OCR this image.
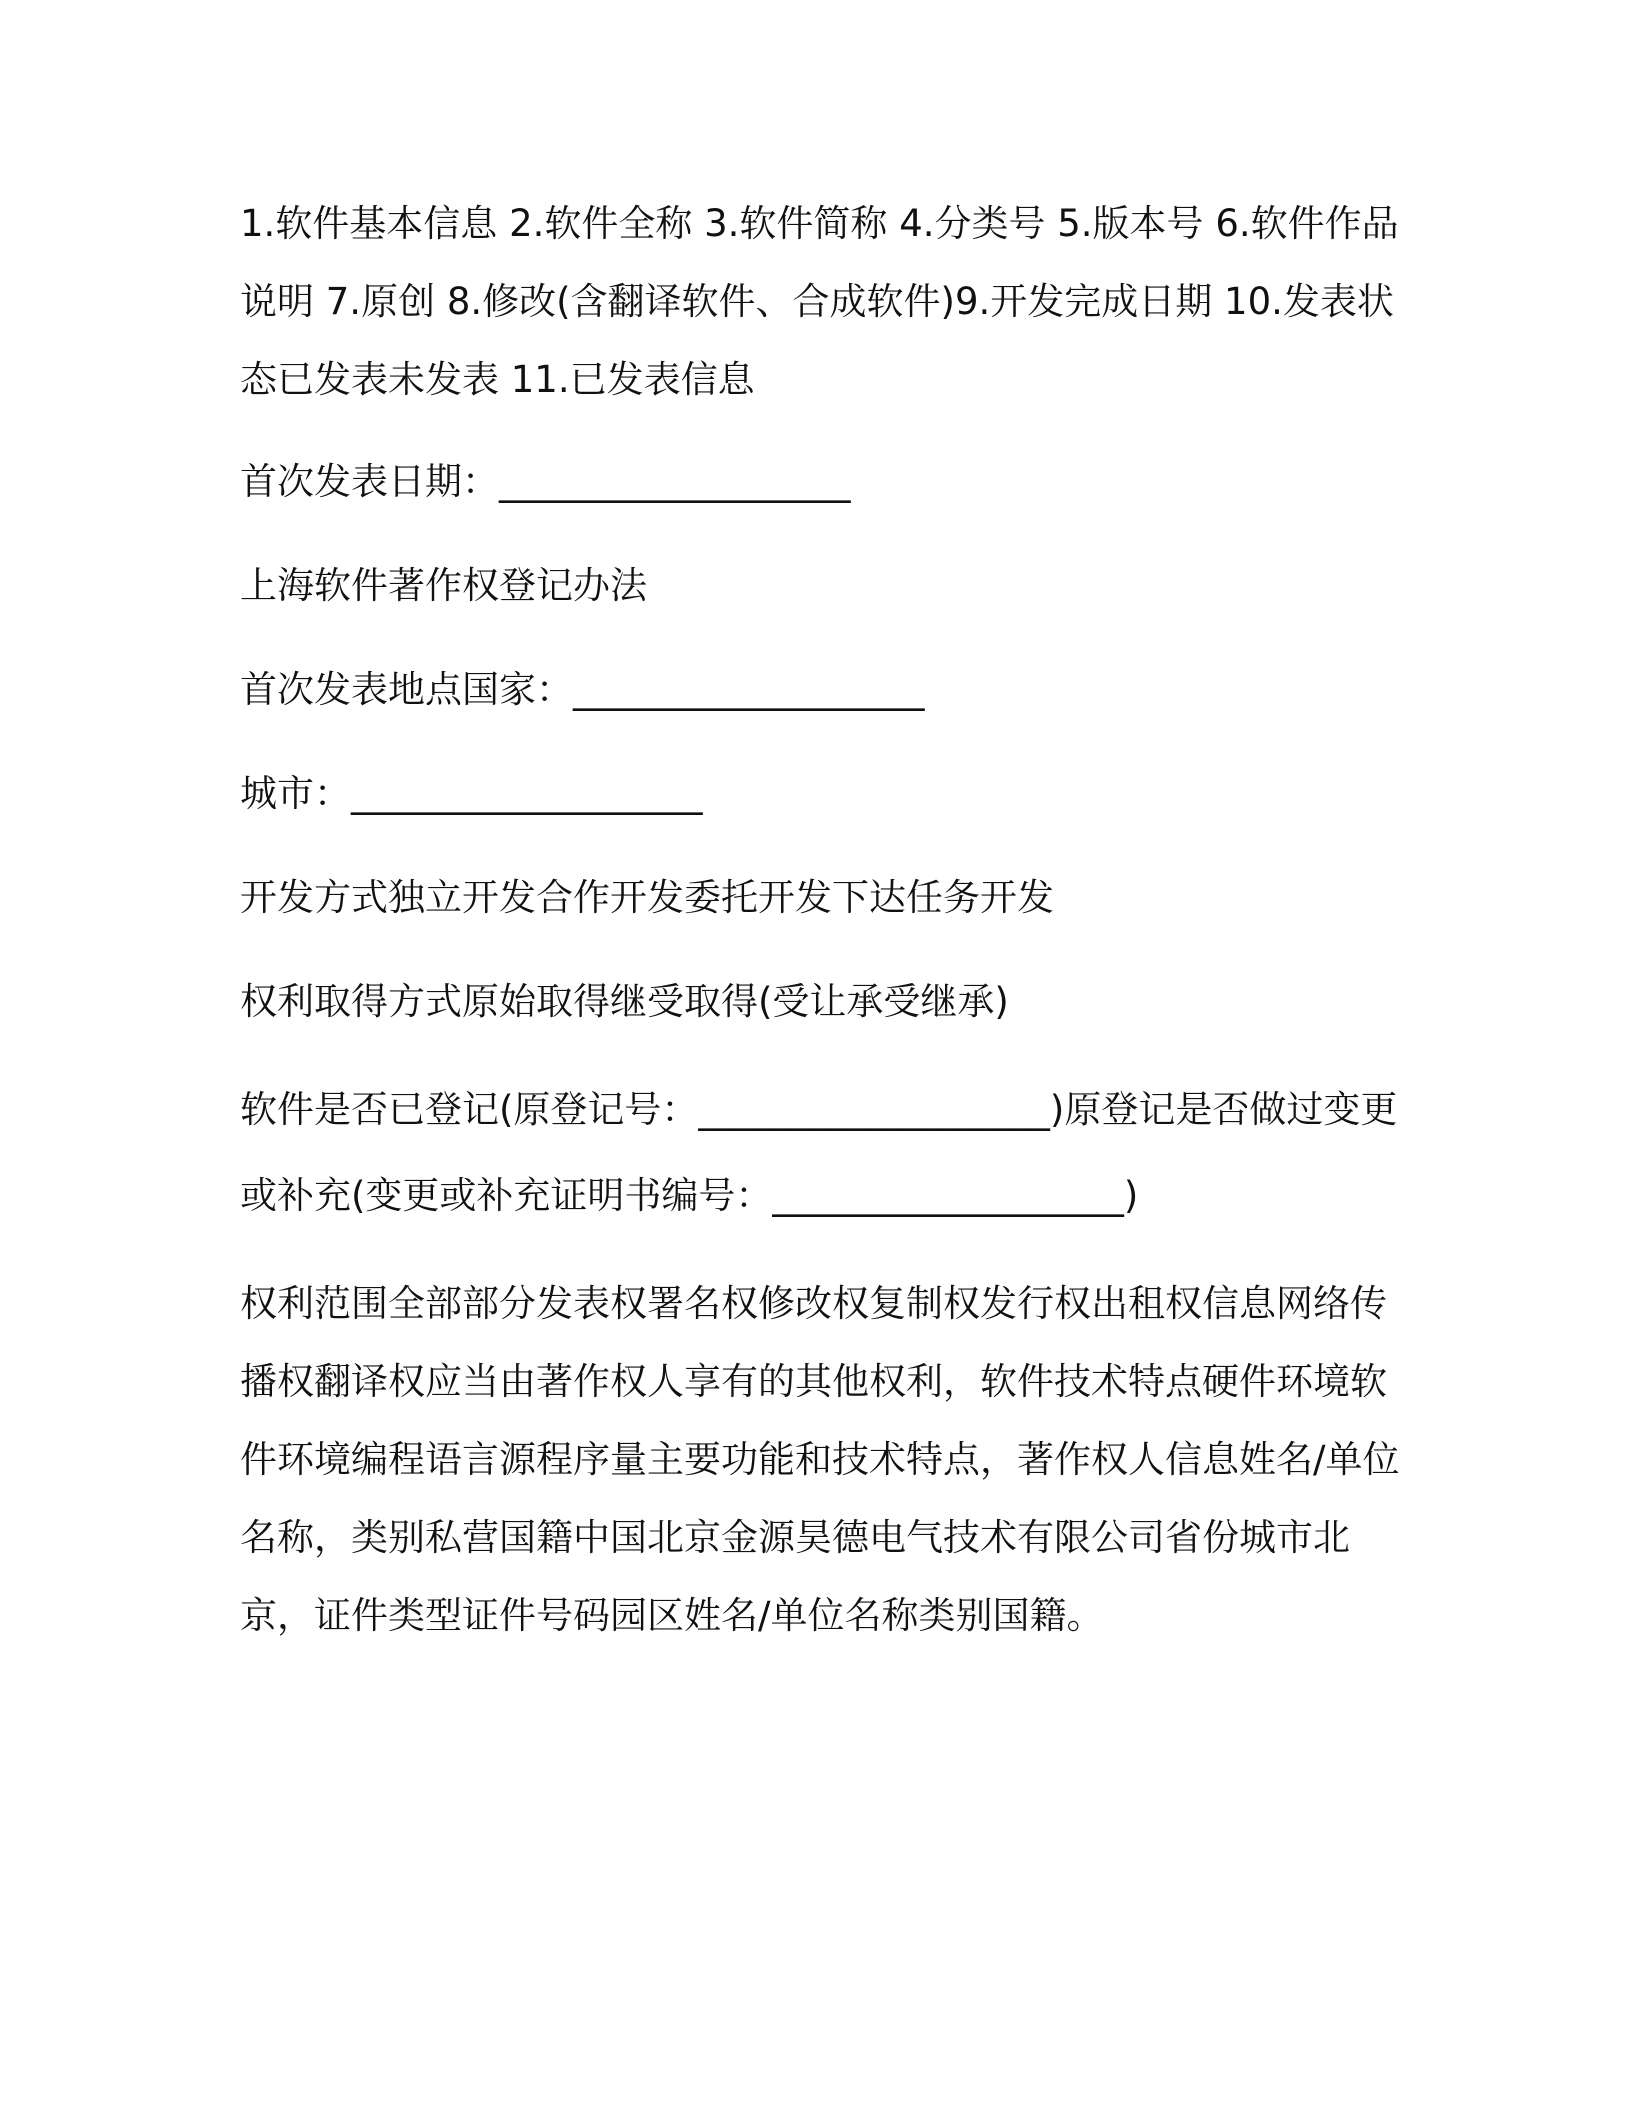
1.软件基本信息 2.软件全称 3.软件简称 4.分类号 5.版本号 6.软件作品说明 7.原创 8.修改(含翻译软件、合成软件)9.开发完成日期 10.发表状态已发表未发表 11.已发表信息

首次发表日期：___________________

上海软件著作权登记办法

首次发表地点国家：___________________

城市：___________________

开发方式独立开发合作开发委托开发下达任务开发

权利取得方式原始取得继受取得(受让承受继承)

软件是否已登记(原登记号：___________________)原登记是否做过变更或补充(变更或补充证明书编号：___________________)

权利范围全部部分发表权署名权修改权复制权发行权出租权信息网络传播权翻译权应当由著作权人享有的其他权利，软件技术特点硬件环境软件环境编程语言源程序量主要功能和技术特点，著作权人信息姓名/单位名称，类别私营国籍中国北京金源昊德电气技术有限公司省份城市北京，证件类型证件号码园区姓名/单位名称类别国籍。
